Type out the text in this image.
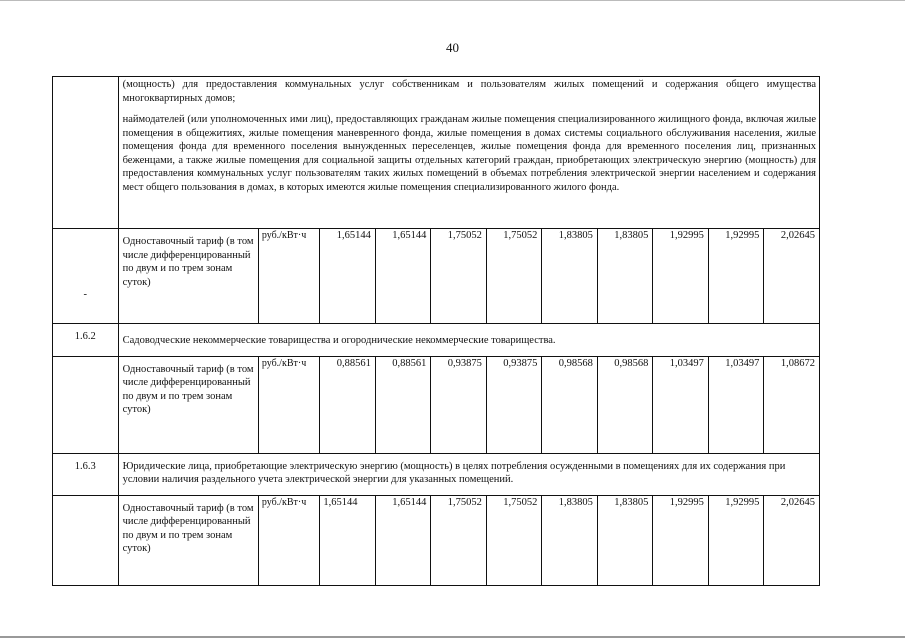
40

	(мощность) для предоставления коммунальных услуг собственникам и пользователям жилых помещений и содержания общего имущества многоквартирных домов;

наймодателей (или уполномоченных ими лиц), предоставляющих гражданам жилые помещения специализированного жилищного фонда, включая жилые помещения в общежитиях, жилые помещения маневренного фонда, жилые помещения в домах системы социального обслуживания населения, жилые помещения фонда для временного поселения вынужденных переселенцев, жилые помещения фонда для временного поселения лиц, признанных беженцами, а также жилые помещения для социальной защиты отдельных категорий граждан, приобретающих электрическую энергию (мощность) для предоставления коммунальных услуг пользователям таких жилых помещений в объемах потребления электрической энергии населением и содержания мест общего пользования в домах, в которых имеются жилые помещения специализированного жилого фонда.										

-	Одноставочный тариф (в том числе дифференцированный по двум и по трем зонам суток)	руб./кВт·ч	1,65144	1,65144	1,75052	1,75052	1,83805	1,83805	1,92995	1,92995	2,02645
1.6.2	Садоводческие некоммерческие товарищества и огороднические некоммерческие товарищества.										
	Одноставочный тариф (в том числе дифференцированный по двум и по трем зонам суток)	руб./кВт·ч	0,88561	0,88561	0,93875	0,93875	0,98568	0,98568	1,03497	1,03497	1,08672
1.6.3	Юридические лица, приобретающие электрическую энергию (мощность) в целях потребления осужденными в помещениях для их содержания при условии наличия раздельного учета электрической энергии для указанных помещений.										
	Одноставочный тариф (в том числе дифференцированный по двум и по трем зонам суток)	руб./кВт·ч	1,65144	1,65144	1,75052	1,75052	1,83805	1,83805	1,92995	1,92995	2,02645
